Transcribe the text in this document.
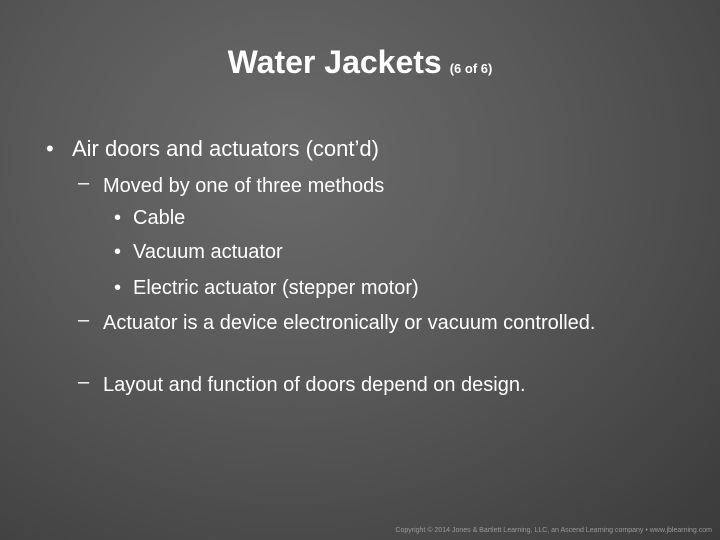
Water Jackets (6 of 6)
• Air doors and actuators (cont’d)
– Moved by one of three methods
• Cable
• Vacuum actuator
• Electric actuator (stepper motor)
– Actuator is a device electronically or vacuum controlled.
– Layout and function of doors depend on design.
Copyright © 2014 Jones & Bartlett Learning, LLC, an Ascend Learning company • www.jblearning.com
